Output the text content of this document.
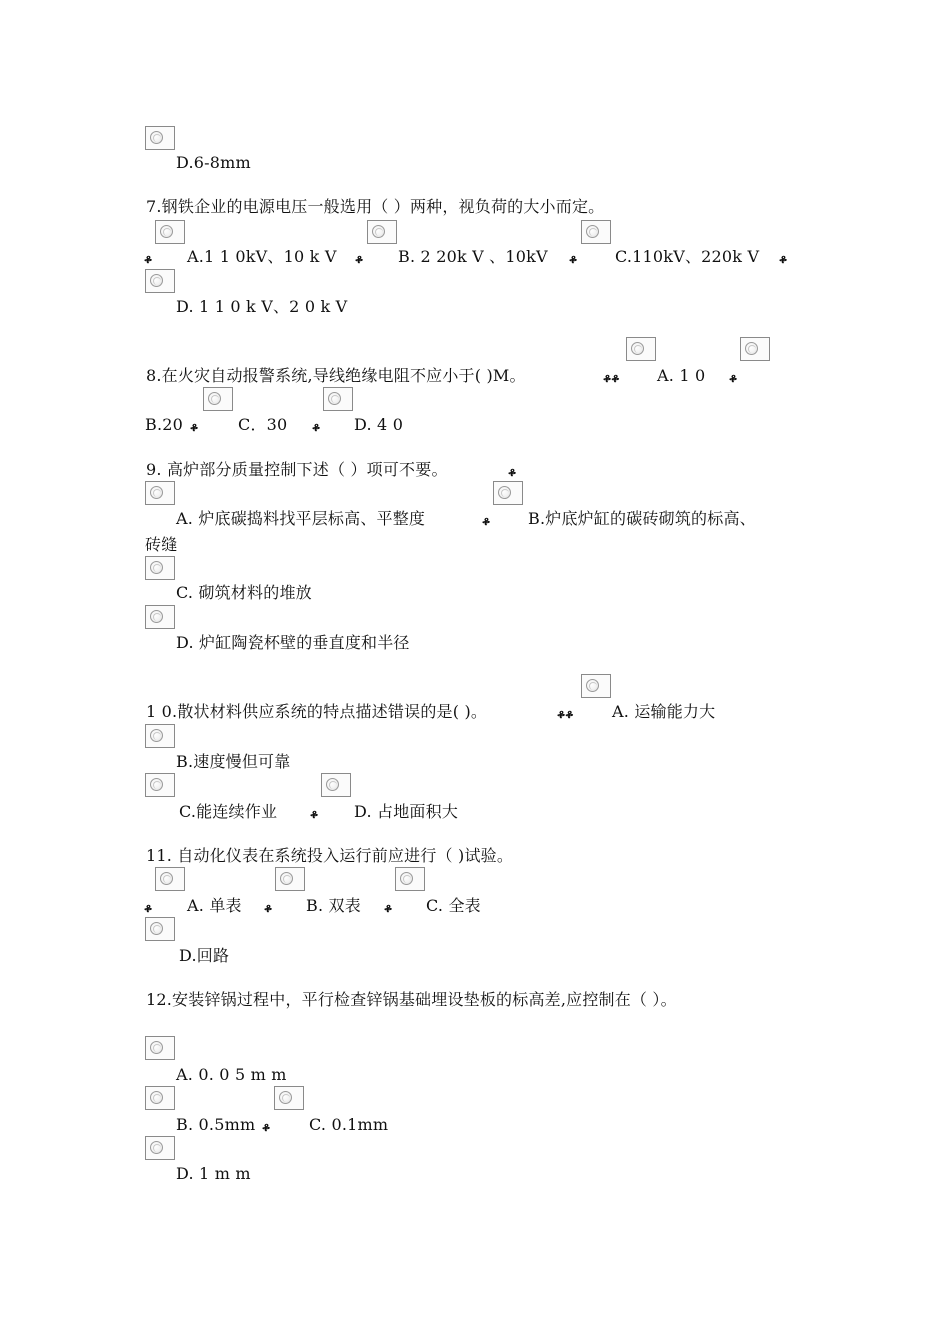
D.6-8mm
7.钢铁企业的电源电压一般选用（ ）两种，视负荷的大小而定。
ቆ A.1 1 0kV、10 k V ቆ B. 2 20k V 、10kV ቆ C.110kV、220k V ቆ
D. 1 1 0 k V、2 0 k V
8.在火灾自动报警系统,导线绝缘电阻不应小于( )M。	ቆቆ A. 1 0 ቆ
B.20 ቆ C．30 ቆ D. 4 0
9. 高炉部分质量控制下述（ ）项可不要。	ቆ
A. 炉底碳捣料找平层标高、平整度	ቆ B.炉底炉缸的碳砖砌筑的标高、
砖缝
C. 砌筑材料的堆放
D. 炉缸陶瓷杯壁的垂直度和半径
1 0.散状材料供应系统的特点描述错误的是( )。	ቆቆ A. 运输能力大
B.速度慢但可靠
C.能连续作业	ቆ D. 占地面积大
11. 自动化仪表在系统投入运行前应进行（ )试验。
ቆ A. 单表 ቆ B. 双表 ቆ C. 全表
D.回路
12.安装锌锅过程中，平行检查锌锅基础埋设垫板的标高差,应控制在（ ）。
A. 0. 0 5 m m
B. 0.5mm ቆ C. 0.1mm
D. 1 m m
